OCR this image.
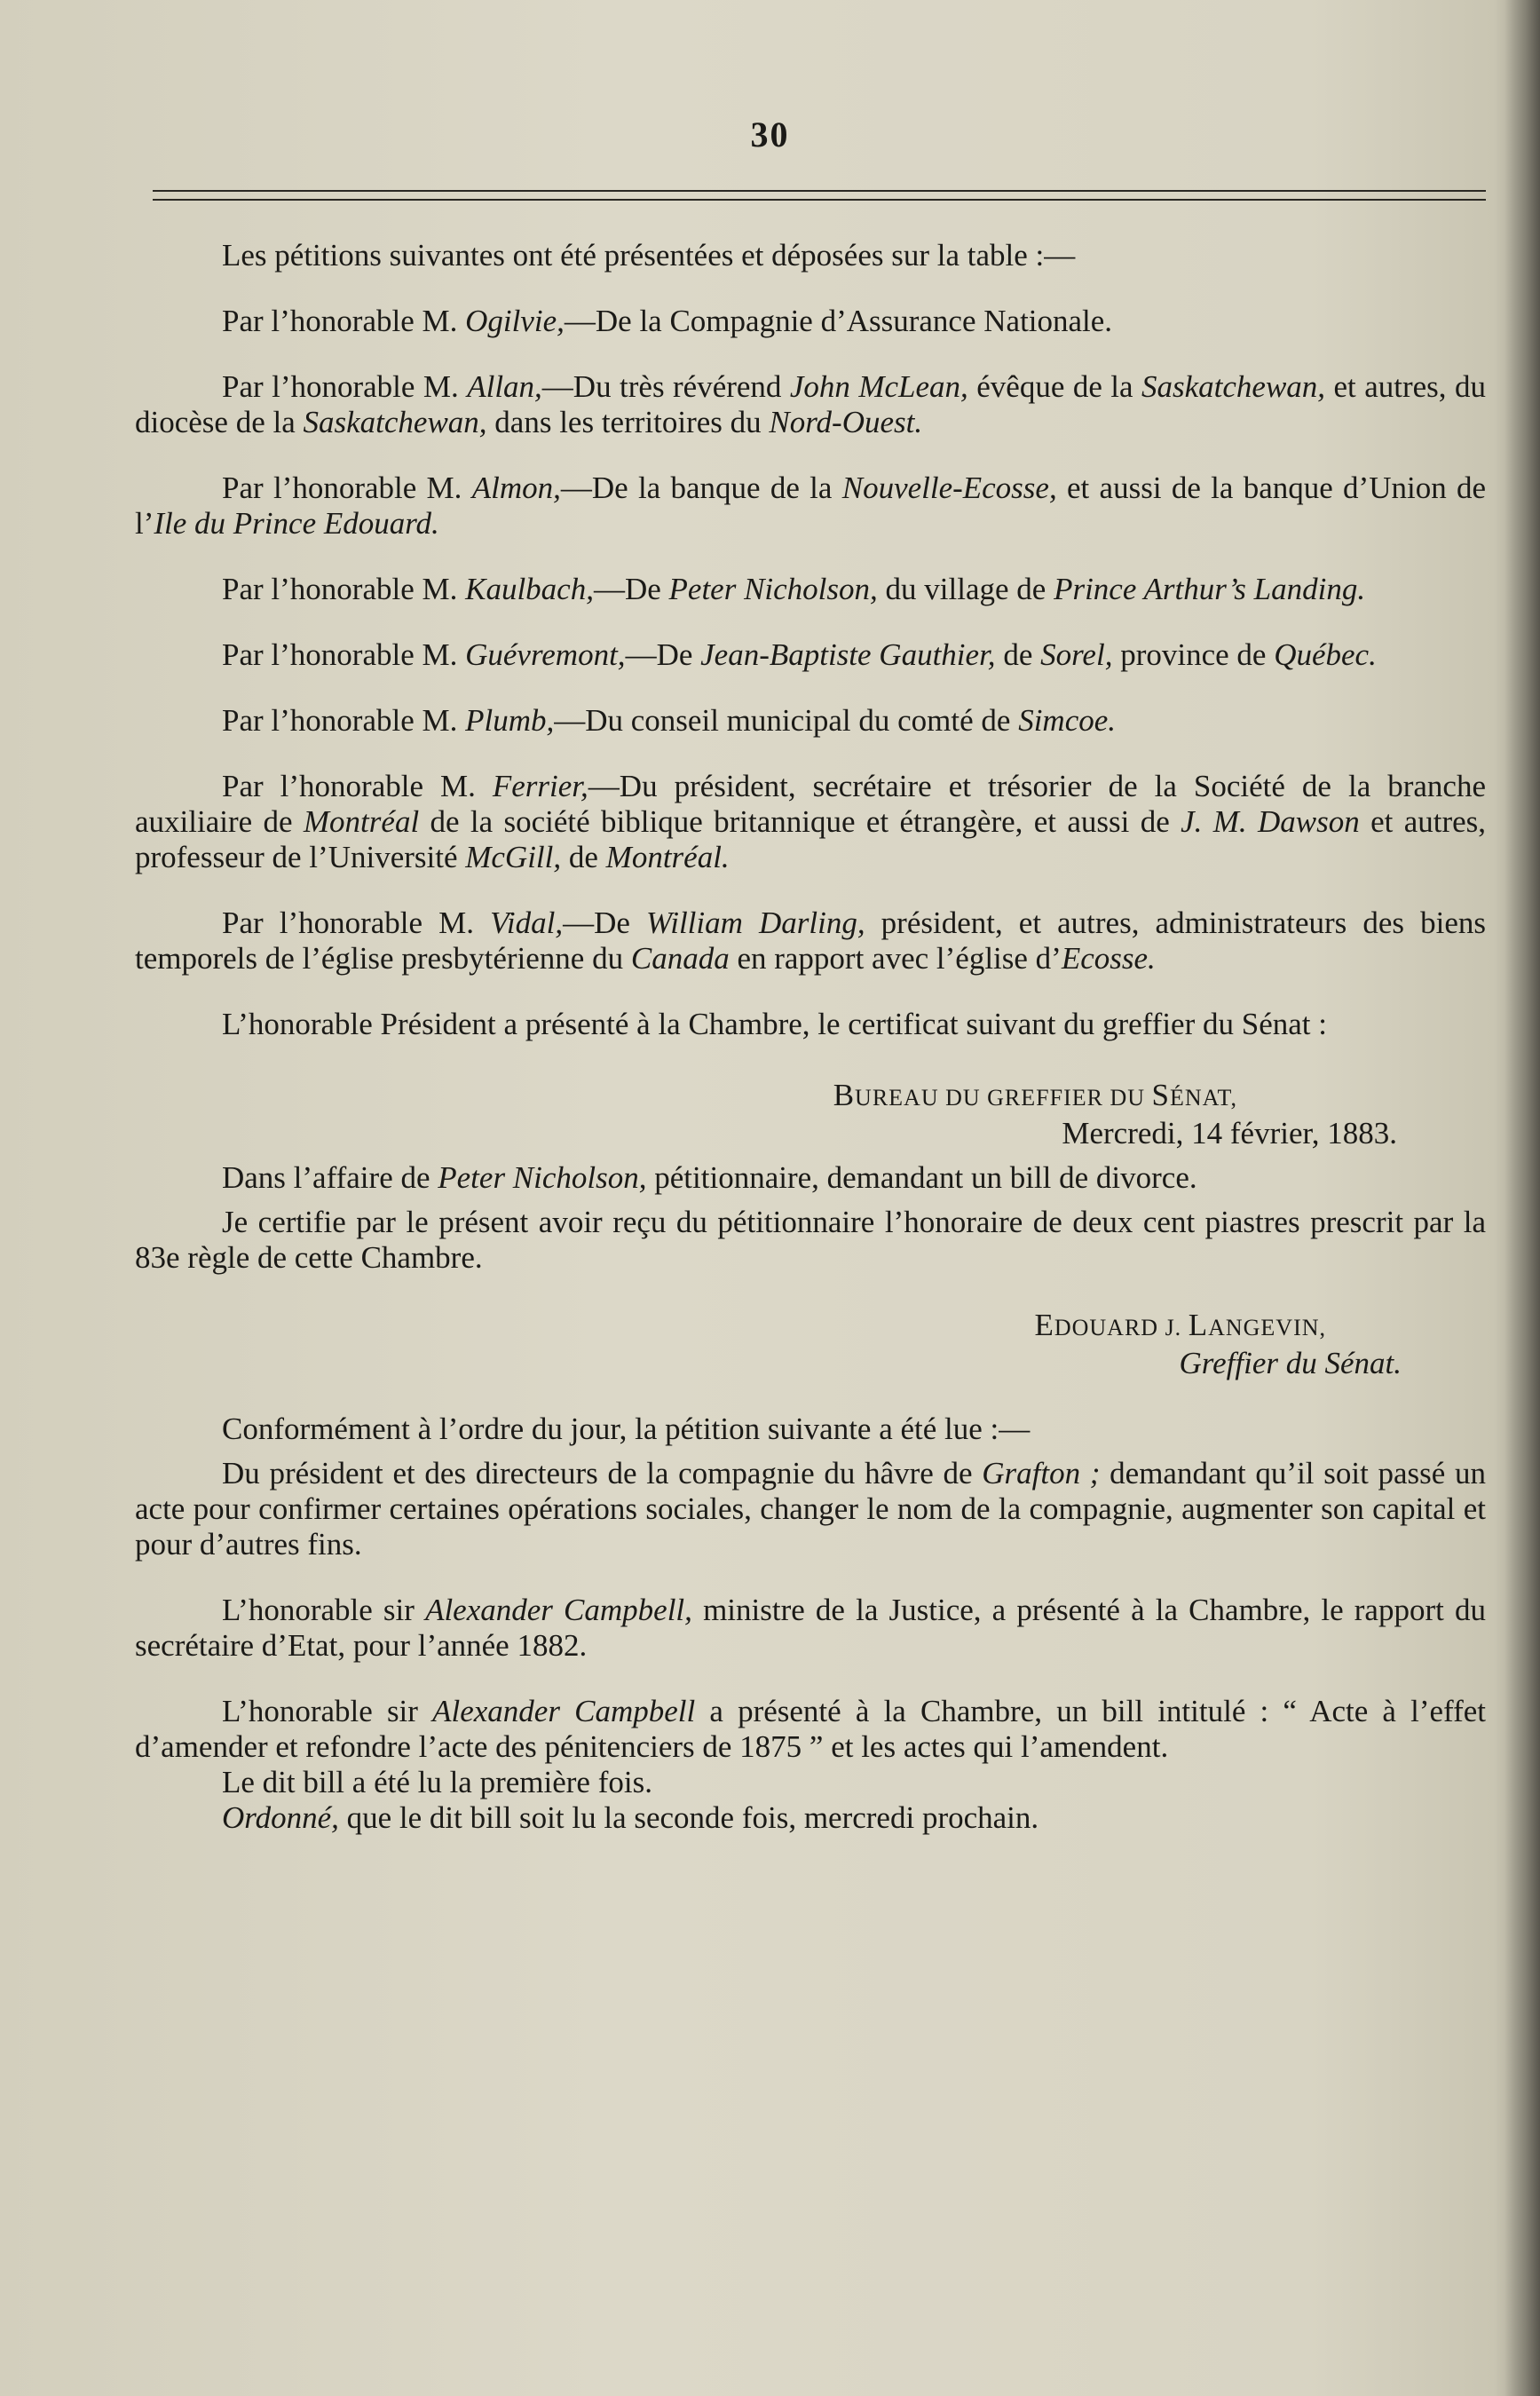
30

Les pétitions suivantes ont été présentées et déposées sur la table :—

Par l’honorable M. Ogilvie,—De la Compagnie d’Assurance Nationale.

Par l’honorable M. Allan,—Du très révérend John McLean, évêque de la Saskatchewan, et autres, du diocèse de la Saskatchewan, dans les territoires du Nord-Ouest.

Par l’honorable M. Almon,—De la banque de la Nouvelle-Ecosse, et aussi de la banque d’Union de l’Ile du Prince Edouard.

Par l’honorable M. Kaulbach,—De Peter Nicholson, du village de Prince Arthur’s Landing.

Par l’honorable M. Guévremont,—De Jean-Baptiste Gauthier, de Sorel, province de Québec.

Par l’honorable M. Plumb,—Du conseil municipal du comté de Simcoe.

Par l’honorable M. Ferrier,—Du président, secrétaire et trésorier de la Société de la branche auxiliaire de Montréal de la société biblique britannique et étrangère, et aussi de J. M. Dawson et autres, professeur de l’Université McGill, de Montréal.

Par l’honorable M. Vidal,—De William Darling, président, et autres, administrateurs des biens temporels de l’église presbytérienne du Canada en rapport avec l’église d’Ecosse.

L’honorable Président a présenté à la Chambre, le certificat suivant du greffier du Sénat :

BUREAU DU GREFFIER DU SÉNAT,

Mercredi, 14 février, 1883.

Dans l’affaire de Peter Nicholson, pétitionnaire, demandant un bill de divorce.

Je certifie par le présent avoir reçu du pétitionnaire l’honoraire de deux cent piastres prescrit par la 83e règle de cette Chambre.

EDOUARD J. LANGEVIN,

Greffier du Sénat.

Conformément à l’ordre du jour, la pétition suivante a été lue :—

Du président et des directeurs de la compagnie du hâvre de Grafton ; demandant qu’il soit passé un acte pour confirmer certaines opérations sociales, changer le nom de la compagnie, augmenter son capital et pour d’autres fins.

L’honorable sir Alexander Campbell, ministre de la Justice, a présenté à la Chambre, le rapport du secrétaire d’Etat, pour l’année 1882.

L’honorable sir Alexander Campbell a présenté à la Chambre, un bill intitulé : “ Acte à l’effet d’amender et refondre l’acte des pénitenciers de 1875 ” et les actes qui l’amendent.

Le dit bill a été lu la première fois.

Ordonné, que le dit bill soit lu la seconde fois, mercredi prochain.
